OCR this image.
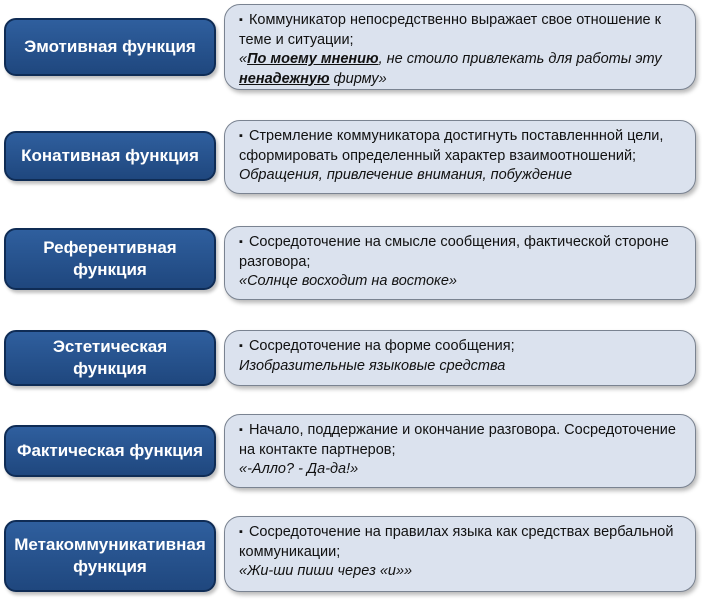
Эмотивная функция
▪ Коммуникатор непосредственно выражает свое отношение к теме и ситуации;
«По моему мнению, не стоило привлекать для работы эту ненадежную фирму»
Конативная функция
▪ Стремление коммуникатора достигнуть поставленнной цели, сформировать определенный характер взаимоотношений;
Обращения, привлечение внимания, побуждение
Референтивная
функция
▪ Сосредоточение на смысле сообщения, фактической стороне разговора;
«Солнце восходит на востоке»
Эстетическая
функция
▪ Сосредоточение на форме сообщения;
Изобразительные языковые средства
Фактическая функция
▪ Начало, поддержание и окончание разговора. Сосредоточение на контакте партнеров;
«-Алло? - Да-да!»
Метакоммуникативная
функция
▪ Сосредоточение на правилах языка как средствах вербальной коммуникации;
«Жи-ши пиши через «и»»
